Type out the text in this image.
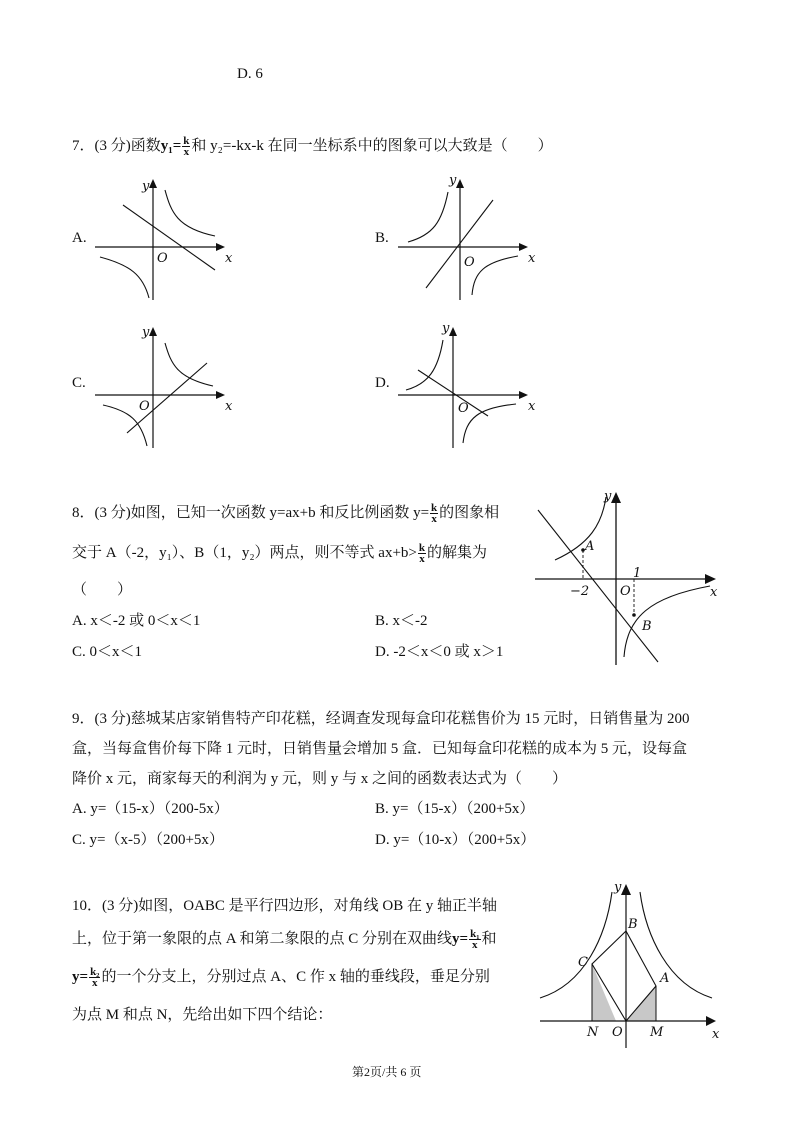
D. 6
7．(3 分)函数$y_1= \frac{k}{x}$ 和 y₂=-kx-k 在同一坐标系中的图象可以大致是（　　）
A.	B.
C.	D.
y
x
O
y
x
O
y
x
O
y
x
O
8．(3 分)如图，已知一次函数 y=ax+b 和反比例函数 $y= \frac{k}{x}$ 的图象相
交于 A（-2，y₁）、B（1，y₂）两点，则不等式 $ax+b> \frac{k}{x}$ 的解集为
（　　）
A. x＜-2 或 0＜x＜1	B. x＜-2
C. 0＜x＜1	D. -2＜x＜0 或 x＞1
y
x
O
−2
1
A
B
9．(3 分)慈城某店家销售特产印花糕，经调查发现每盒印花糕售价为 15 元时，日销售量为 200
盒，当每盒售价每下降 1 元时，日销售量会增加 5 盒．已知每盒印花糕的成本为 5 元，设每盒
降价 x 元，商家每天的利润为 y 元，则 y 与 x 之间的函数表达式为（　　）
A. y=（15-x）（200-5x）	B. y=（15-x）（200+5x）
C. y=（x-5）（200+5x）	D. y=（10-x）（200+5x）
10．(3 分)如图，OABC 是平行四边形，对角线 OB 在 y 轴正半轴
上，位于第一象限的点 A 和第二象限的点 C 分别在双曲线$y= \frac{\text{k₁}}{x}$ 和
$y= \frac{\text{k₂}}{x}$ 的一个分支上，分别过点 A、C 作 x 轴的垂线段，垂足分别
为点 M 和点 N，先给出如下四个结论：
y
x
O
N	M
C
A
B
第2页/共 6 页
